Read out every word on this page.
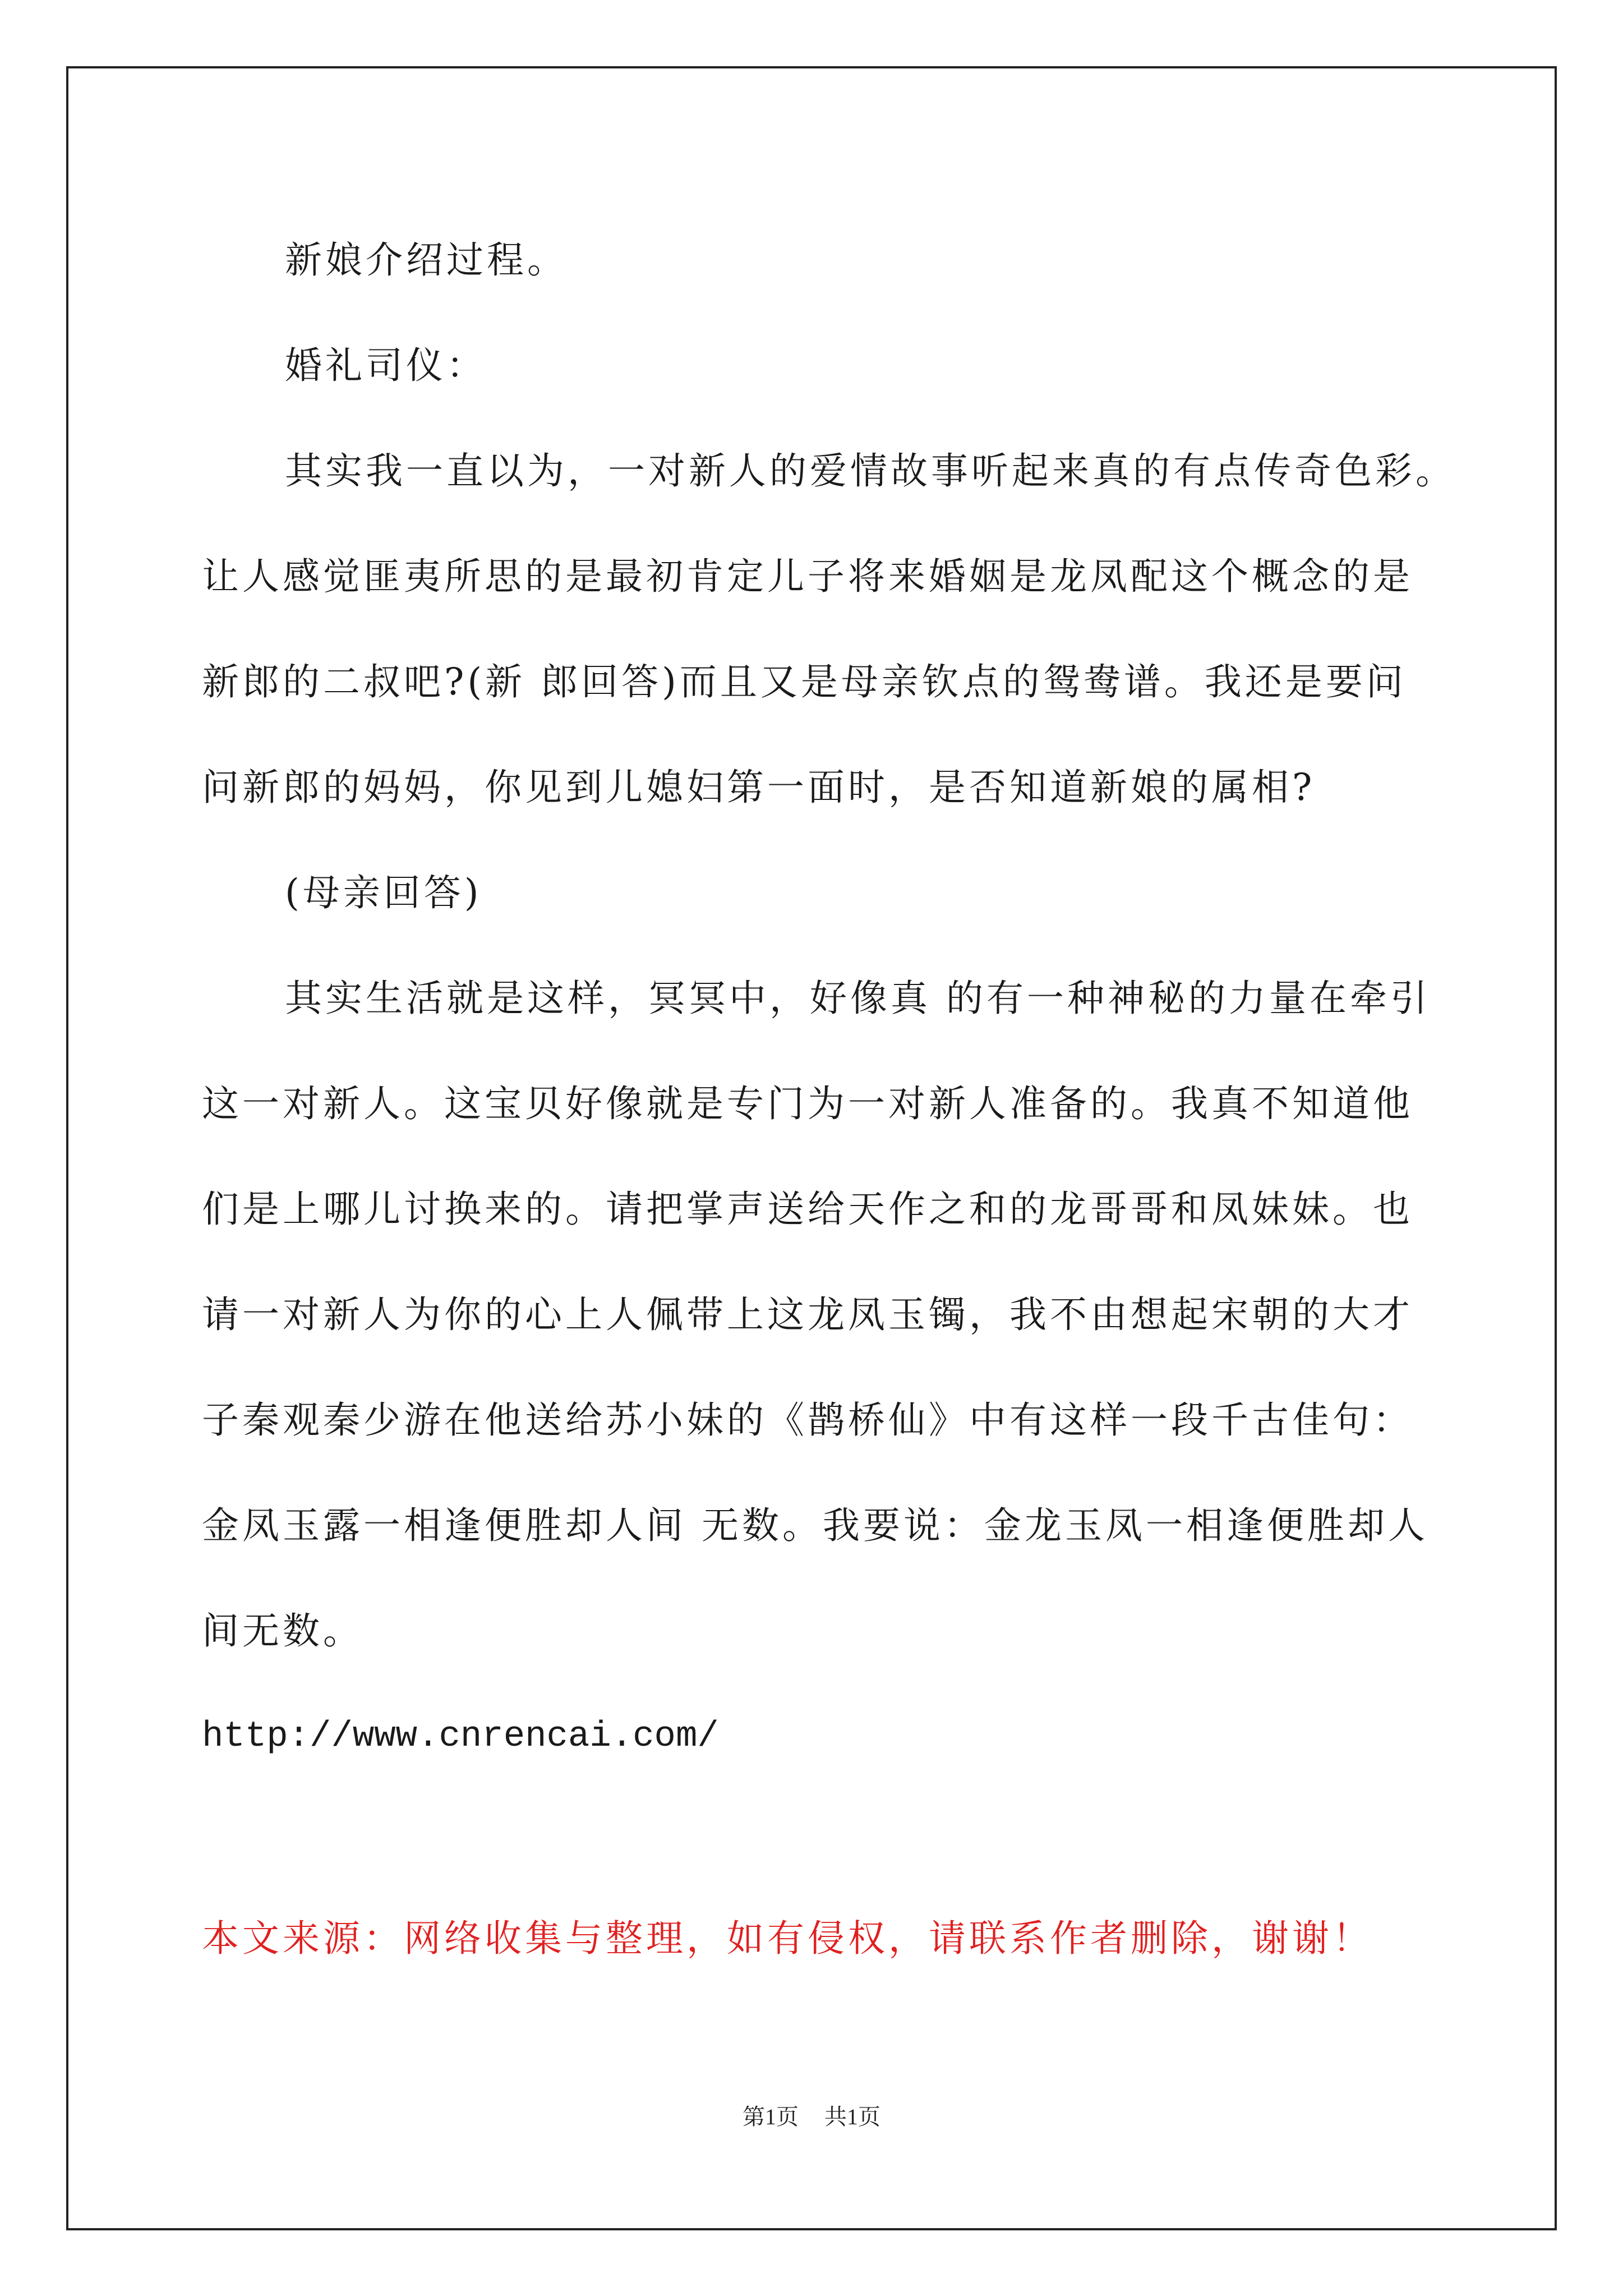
新娘介绍过程。

婚礼司仪：

其实我一直以为，一对新人的爱情故事听起来真的有点传奇色彩。

让人感觉匪夷所思的是最初肯定儿子将来婚姻是龙凤配这个概念的是

新郎的二叔吧?(新 郎回答)而且又是母亲钦点的鸳鸯谱。我还是要问

问新郎的妈妈，你见到儿媳妇第一面时，是否知道新娘的属相?

(母亲回答)

其实生活就是这样，冥冥中，好像真 的有一种神秘的力量在牵引

这一对新人。这宝贝好像就是专门为一对新人准备的。我真不知道他

们是上哪儿讨换来的。请把掌声送给天作之和的龙哥哥和凤妹妹。也

请一对新人为你的心上人佩带上这龙凤玉镯，我不由想起宋朝的大才

子秦观秦少游在他送给苏小妹的《鹊桥仙》中有这样一段千古佳句：

金凤玉露一相逢便胜却人间 无数。我要说：金龙玉凤一相逢便胜却人

间无数。

http://www.cnrencai.com/

本文来源：网络收集与整理，如有侵权，请联系作者删除，谢谢！

第1页 共1页
